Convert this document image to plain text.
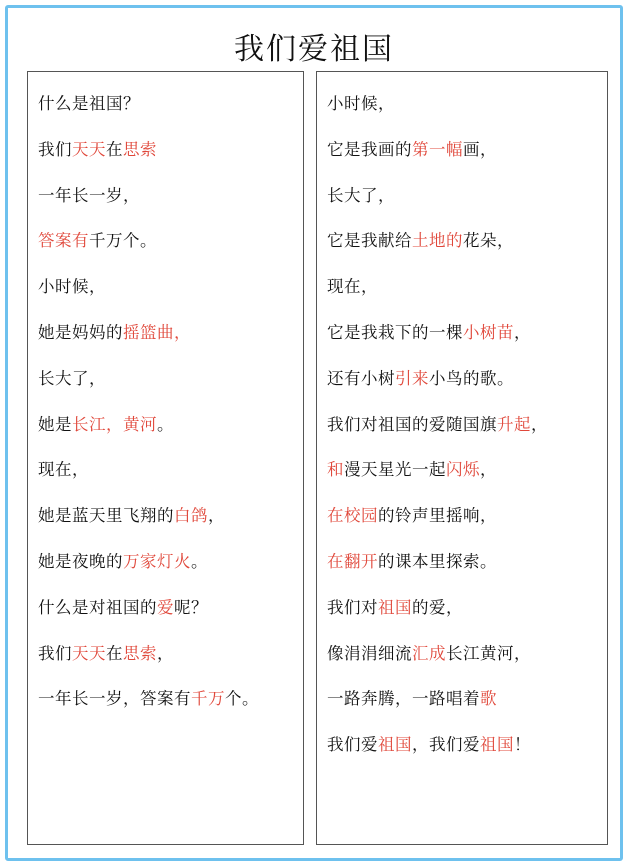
我们爱祖国
什么是祖国？
我们天天在思索
一年长一岁，
答案有千万个。
小时候，
她是妈妈的摇篮曲，
长大了，
她是长江，黄河。
现在，
她是蓝天里飞翔的白鸽，
她是夜晚的万家灯火。
什么是对祖国的爱呢？
我们天天在思索，
一年长一岁，答案有千万个。
小时候，
它是我画的第一幅画，
长大了，
它是我献给土地的花朵，
现在，
它是我栽下的一棵小树苗，
还有小树引来小鸟的歌。
我们对祖国的爱随国旗升起，
和漫天星光一起闪烁，
在校园的铃声里摇响，
在翻开的课本里探索。
我们对祖国的爱，
像涓涓细流汇成长江黄河，
一路奔腾，一路唱着歌
我们爱祖国，我们爱祖国！
